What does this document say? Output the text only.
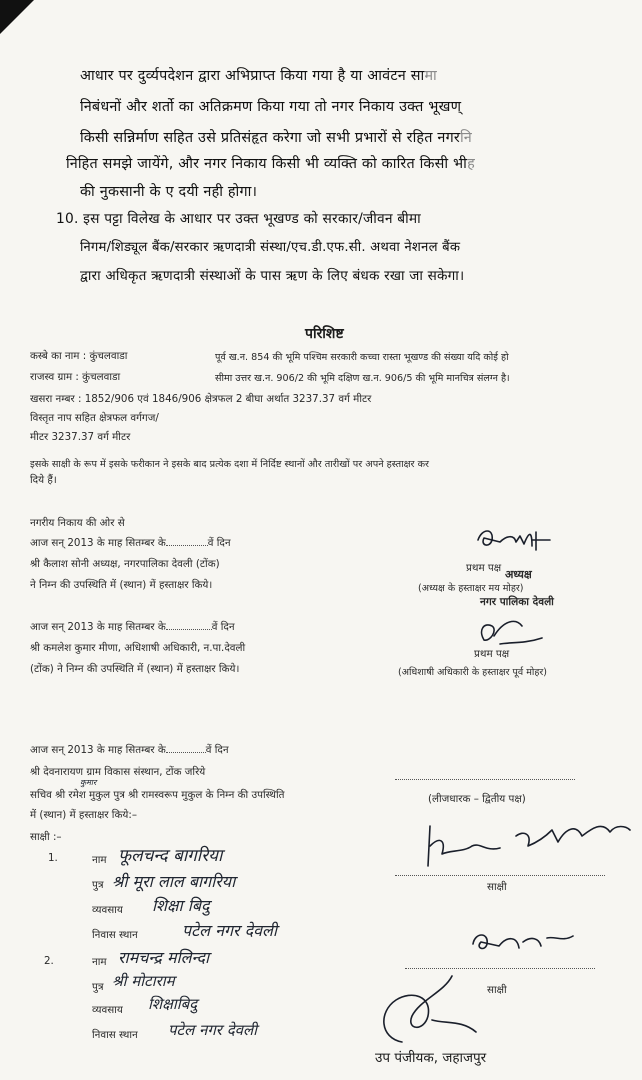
आधार पर दुर्व्यपदेशन द्वारा अभिप्राप्त किया गया है या आवंटन सामा
निबंधनों और शर्तो का अतिक्रमण किया गया तो नगर निकाय उक्त भूखण्
किसी सन्निर्माण सहित उसे प्रतिसंहृत करेगा जो सभी प्रभारों से रहित नगरनि
निहित समझे जायेंगे, और नगर निकाय किसी भी व्यक्ति को कारित किसी भीह
की नुकसानी के ए दयी नही होगा।
10. इस पट्टा विलेख के आधार पर उक्त भूखण्ड को सरकार/जीवन बीमा
निगम/शिड्यूल बैंक/सरकार ऋणदात्री संस्था/एच.डी.एफ.सी. अथवा नेशनल बैंक
द्वारा अधिकृत ऋणदात्री संस्थाओं के पास ऋण के लिए बंधक रखा जा सकेगा।
परिशिष्ट
कस्बे का नाम : कुंचलवाडा
राजस्व ग्राम : कुंचलवाडा
पूर्व ख.न. 854 की भूमि पश्चिम सरकारी कच्चा रास्ता भूखण्ड की संख्या यदि कोई हो
सीमा उत्तर ख.न. 906/2 की भूमि दक्षिण ख.न. 906/5 की भूमि मानचित्र संलग्न है।
खसरा नम्बर : 1852/906 एवं 1846/906 क्षेत्रफल 2 बीघा अर्थात 3237.37 वर्ग मीटर
विस्तृत नाप सहित क्षेत्रफल वर्गगज/
मीटर 3237.37 वर्ग मीटर
इसके साक्षी के रूप में इसके फरीकान ने इसके बाद प्रत्येक दशा में निर्दिष्ट स्थानों और तारीखों पर अपने हस्ताक्षर कर
दिये हैं।
नगरीय निकाय की ओर से
आज सन् 2013 के माह सितम्बर के	वें दिन
श्री कैलाश सोनी अध्यक्ष, नगरपालिका देवली (टोंक)
ने निम्न की उपस्थिति में (स्थान) में हस्ताक्षर किये।
प्रथम पक्ष अध्यक्ष
(अध्यक्ष के हस्ताक्षर मय मोहर)
नगर पालिका देवली
आज सन् 2013 के माह सितम्बर के	वें दिन
श्री कमलेश कुमार मीणा, अधिशाषी अधिकारी, न.पा.देवली
(टोंक) ने निम्न की उपस्थिति में (स्थान) में हस्ताक्षर किये।
प्रथम पक्ष
(अधिशाषी अधिकारी के हस्ताक्षर पूर्व मोहर)
आज सन् 2013 के माह सितम्बर के	वें दिन
श्री देवनारायण ग्राम विकास संस्थान, टोंक जरिये
कुमार
सचिव श्री रमेश मुकुल पुत्र श्री रामस्वरूप मुकुल के निम्न की उपस्थिति
में (स्थान) में हस्ताक्षर किये:–
(लीजधारक – द्वितीय पक्ष)
साक्षी :–
1.	नाम फूलचन्द बागरिया
पुत्र श्री मूरा लाल बागरिया
व्यवसाय शिक्षा बिदु
निवास स्थान	पटेल नगर देवली
2.	नाम रामचन्द्र मलिन्दा
पुत्र श्री मोटाराम
व्यवसाय शिक्षाबिदु
निवास स्थान पटेल नगर देवली
साक्षी
साक्षी
उप पंजीयक, जहाजपुर
